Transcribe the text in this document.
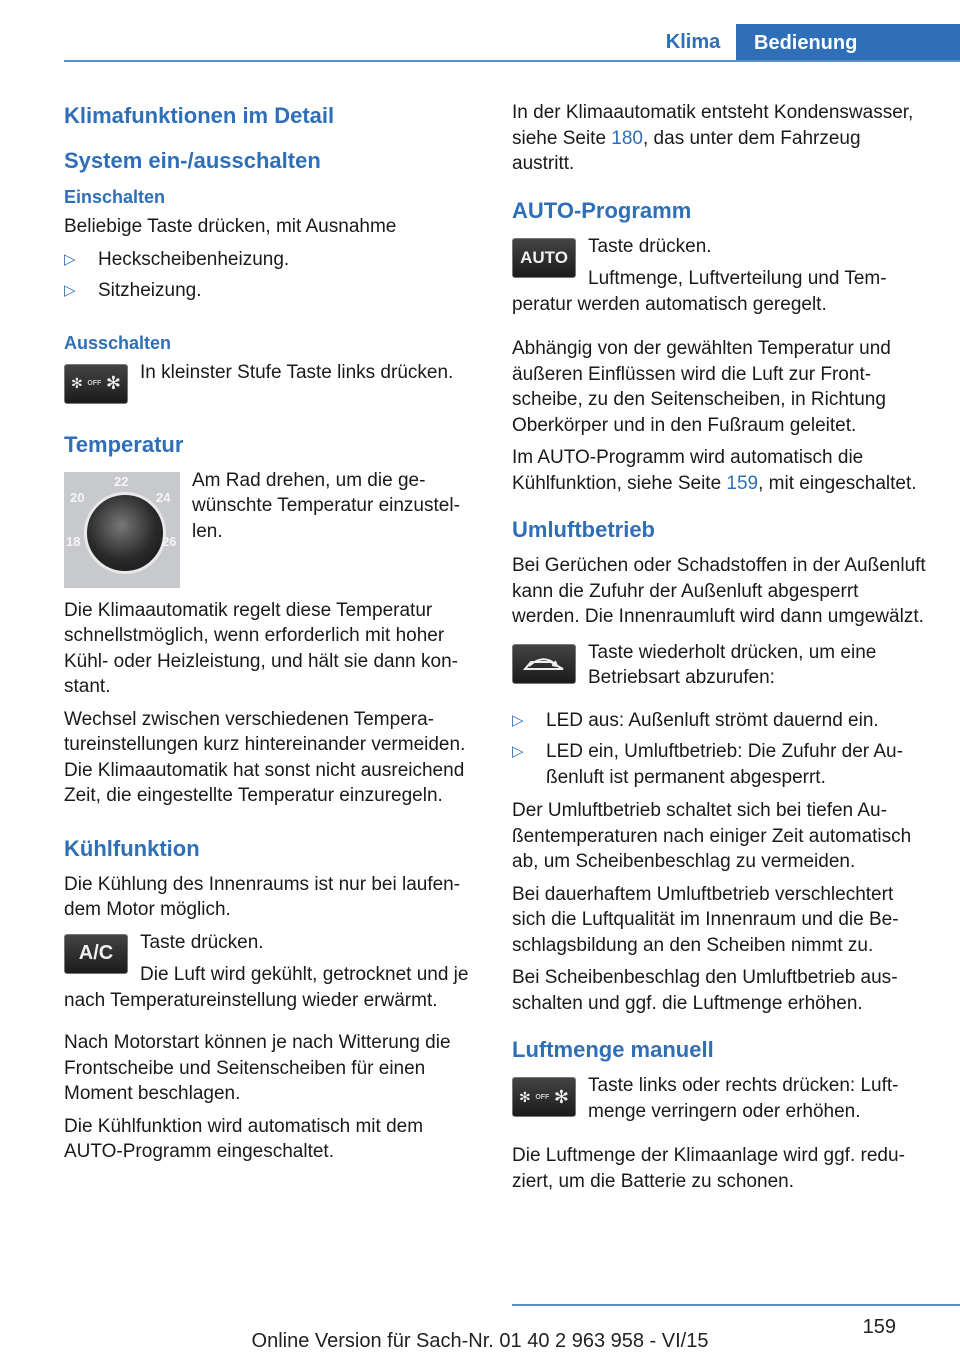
Klima	Bedienung
Klimafunktionen im Detail
System ein-/ausschalten
Einschalten

Beliebige Taste drücken, mit Ausnahme

▷ Heckscheibenheizung.
▷ Sitzheizung.
Ausschalten
✻ OFF ✻

In kleinster Stufe Taste links drücken.

Temperatur
22
20	24
18	26

Am Rad drehen, um die gewünschte Temperatur einzustellen.

Die Klimaautomatik regelt diese Temperatur schnellstmöglich, wenn erforderlich mit hoher Kühl- oder Heizleistung, und hält sie dann konstant.

Wechsel zwischen verschiedenen Temperatureinstellungen kurz hintereinander vermeiden. Die Klimaautomatik hat sonst nicht ausreichend Zeit, die eingestellte Temperatur einzuregeln.

Kühlfunktion

Die Kühlung des Innenraums ist nur bei laufendem Motor möglich.

A/C	Taste drücken.

Die Luft wird gekühlt, getrocknet und je nach Temperatureinstellung wieder erwärmt.

Nach Motorstart können je nach Witterung die Frontscheibe und Seitenscheiben für einen Moment beschlagen.

Die Kühlfunktion wird automatisch mit dem AUTO-Programm eingeschaltet.

In der Klimaautomatik entsteht Kondenswasser, siehe Seite 180, das unter dem Fahrzeug austritt.

AUTO-Programm
AUTO

Taste drücken.

Luftmenge, Luftverteilung und Temperatur werden automatisch geregelt.

Abhängig von der gewählten Temperatur und äußeren Einflüssen wird die Luft zur Frontscheibe, zu den Seitenscheiben, in Richtung Oberkörper und in den Fußraum geleitet.

Im AUTO-Programm wird automatisch die Kühlfunktion, siehe Seite 159, mit eingeschaltet.

Umluftbetrieb

Bei Gerüchen oder Schadstoffen in der Außenluft kann die Zufuhr der Außenluft abgesperrt werden. Die Innenraumluft wird dann umgewälzt.

Taste wiederholt drücken, um eine Betriebsart abzurufen:

▷ LED aus: Außenluft strömt dauernd ein.
▷ LED ein, Umluftbetrieb: Die Zufuhr der Außenluft ist permanent abgesperrt.

Der Umluftbetrieb schaltet sich bei tiefen Außentemperaturen nach einiger Zeit automatisch ab, um Scheibenbeschlag zu vermeiden.

Bei dauerhaftem Umluftbetrieb verschlechtert sich die Luftqualität im Innenraum und die Beschlagsbildung an den Scheiben nimmt zu.

Bei Scheibenbeschlag den Umluftbetrieb ausschalten und ggf. die Luftmenge erhöhen.

Luftmenge manuell
✻ OFF ✻

Taste links oder rechts drücken: Luftmenge verringern oder erhöhen.

Die Luftmenge der Klimaanlage wird ggf. reduziert, um die Batterie zu schonen.

159
Online Version für Sach-Nr. 01 40 2 963 958 - VI/15
